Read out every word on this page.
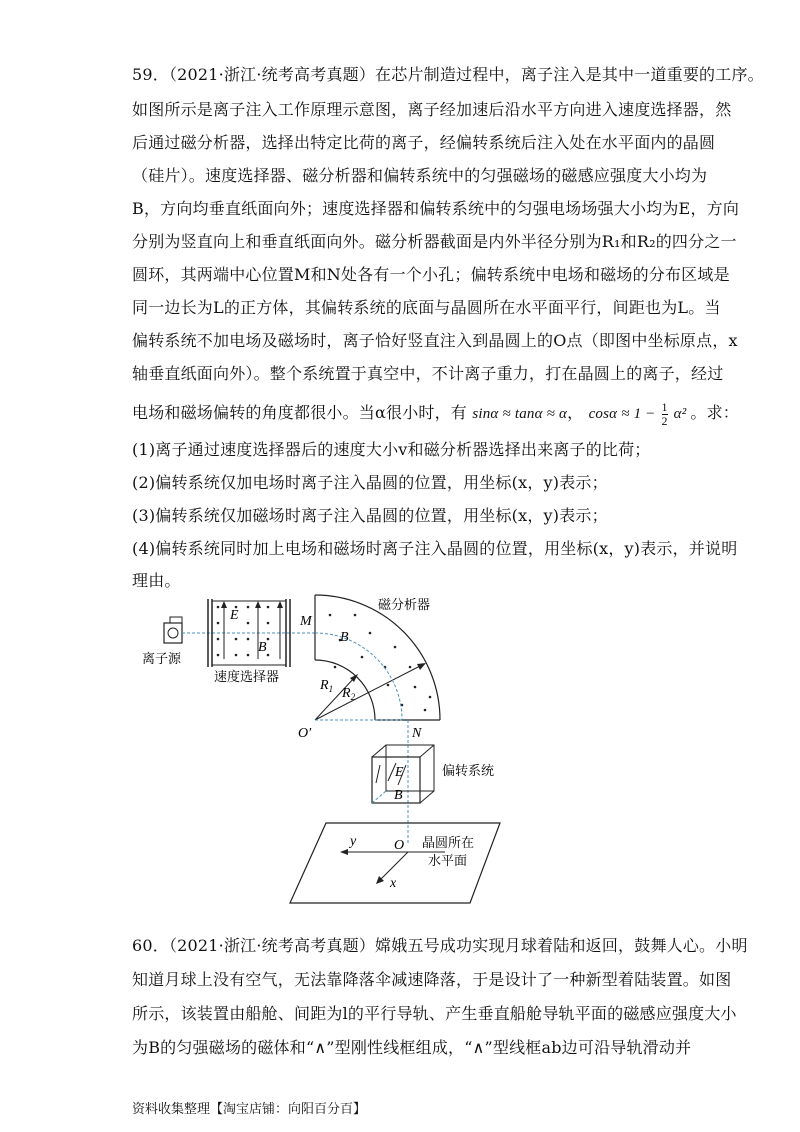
59．（2021·浙江·统考高考真题）在芯片制造过程中，离子注入是其中一道重要的工序。
如图所示是离子注入工作原理示意图，离子经加速后沿水平方向进入速度选择器，然
后通过磁分析器，选择出特定比荷的离子，经偏转系统后注入处在水平面内的晶圆
（硅片）。速度选择器、磁分析器和偏转系统中的匀强磁场的磁感应强度大小均为
B，方向均垂直纸面向外；速度选择器和偏转系统中的匀强电场场强大小均为E，方向
分别为竖直向上和垂直纸面向外。磁分析器截面是内外半径分别为R₁和R₂的四分之一
圆环，其两端中心位置M和N处各有一个小孔；偏转系统中电场和磁场的分布区域是
同一边长为L的正方体，其偏转系统的底面与晶圆所在水平面平行，间距也为L。当
偏转系统不加电场及磁场时，离子恰好竖直注入到晶圆上的O点（即图中坐标原点，x
轴垂直纸面向外）。整个系统置于真空中，不计离子重力，打在晶圆上的离子，经过
电场和磁场偏转的角度都很小。当α很小时，有 sinα ≈ tanα ≈ α， $\cos\alpha \approx 1 - \frac{1}{2} \alpha^2$ 。求：
(1)离子通过速度选择器后的速度大小v和磁分析器选择出来离子的比荷；
(2)偏转系统仅加电场时离子注入晶圆的位置，用坐标(x，y)表示；
(3)偏转系统仅加磁场时离子注入晶圆的位置，用坐标(x，y)表示；
(4)偏转系统同时加上电场和磁场时离子注入晶圆的位置，用坐标(x，y)表示，并说明
理由。
离子源
E
B
速度选择器
B
磁分析器
M
N
O′
$R_1$ $R_2$
E
B
偏转系统
y
x
O 晶圆所在
水平面
60．（2021·浙江·统考高考真题）嫦娥五号成功实现月球着陆和返回，鼓舞人心。小明
知道月球上没有空气，无法靠降落伞减速降落，于是设计了一种新型着陆装置。如图
所示，该装置由船舱、间距为l的平行导轨、产生垂直船舱导轨平面的磁感应强度大小
为B的匀强磁场的磁体和“∧”型刚性线框组成，“∧”型线框ab边可沿导轨滑动并
资料收集整理【淘宝店铺：向阳百分百】
